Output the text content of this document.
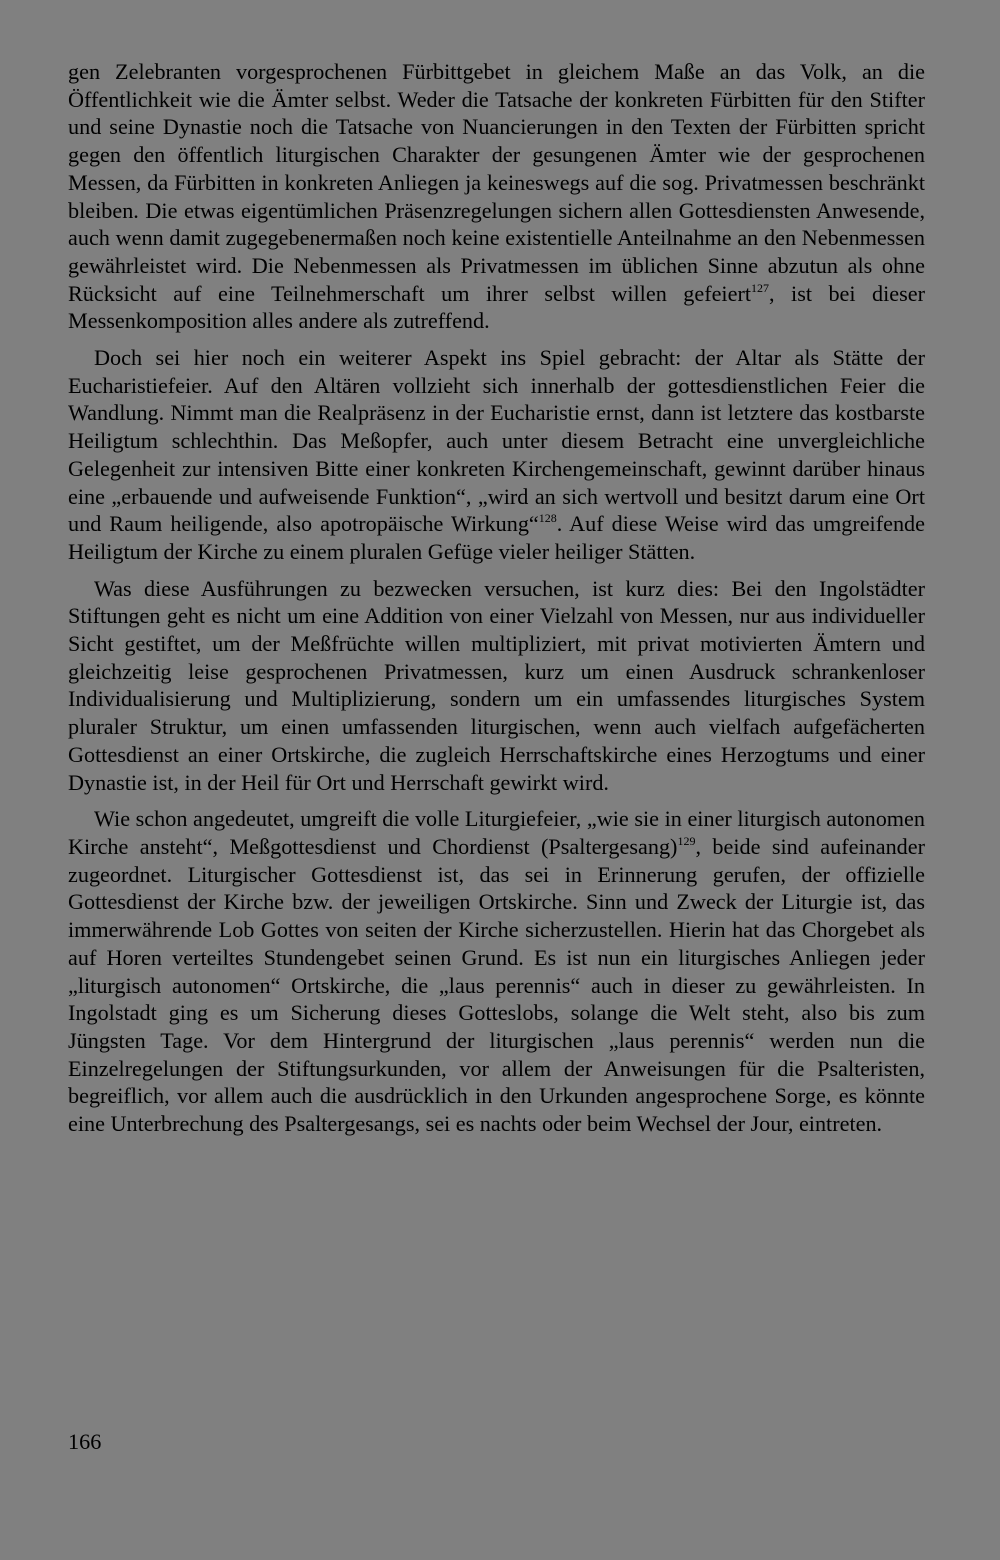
gen Zelebranten vorgesprochenen Fürbittgebet in gleichem Maße an das Volk, an die Öffentlichkeit wie die Ämter selbst. Weder die Tatsache der konkreten Fürbitten für den Stifter und seine Dynastie noch die Tatsache von Nuancierungen in den Texten der Fürbitten spricht gegen den öffentlich liturgischen Charakter der gesungenen Ämter wie der gesprochenen Messen, da Fürbitten in konkreten Anliegen ja keineswegs auf die sog. Privatmessen beschränkt bleiben. Die etwas eigentümlichen Präsenzregelungen sichern allen Gottesdiensten Anwesende, auch wenn damit zugegebenermaßen noch keine existentielle Anteilnahme an den Nebenmessen gewährleistet wird. Die Nebenmessen als Privatmessen im üblichen Sinne abzutun als ohne Rücksicht auf eine Teilnehmerschaft um ihrer selbst willen gefeiert$^{127}$, ist bei dieser Messenkomposition alles andere als zutreffend.

Doch sei hier noch ein weiterer Aspekt ins Spiel gebracht: der Altar als Stätte der Eucharistiefeier. Auf den Altären vollzieht sich innerhalb der gottesdienstlichen Feier die Wandlung. Nimmt man die Realpräsenz in der Eucharistie ernst, dann ist letztere das kostbarste Heiligtum schlechthin. Das Meßopfer, auch unter diesem Betracht eine unvergleichliche Gelegenheit zur intensiven Bitte einer konkreten Kirchengemeinschaft, gewinnt darüber hinaus eine „erbauende und aufweisende Funktion“, „wird an sich wertvoll und besitzt darum eine Ort und Raum heiligende, also apotropäische Wirkung“$^{128}$. Auf diese Weise wird das umgreifende Heiligtum der Kirche zu einem pluralen Gefüge vieler heiliger Stätten.

Was diese Ausführungen zu bezwecken versuchen, ist kurz dies: Bei den Ingolstädter Stiftungen geht es nicht um eine Addition von einer Vielzahl von Messen, nur aus individueller Sicht gestiftet, um der Meßfrüchte willen multipliziert, mit privat motivierten Ämtern und gleichzeitig leise gesprochenen Privatmessen, kurz um einen Ausdruck schrankenloser Individualisierung und Multiplizierung, sondern um ein umfassendes liturgisches System pluraler Struktur, um einen umfassenden liturgischen, wenn auch vielfach aufgefächerten Gottesdienst an einer Ortskirche, die zugleich Herrschaftskirche eines Herzogtums und einer Dynastie ist, in der Heil für Ort und Herrschaft gewirkt wird.

Wie schon angedeutet, umgreift die volle Liturgiefeier, „wie sie in einer liturgisch autonomen Kirche ansteht“, Meßgottesdienst und Chordienst (Psaltergesang)$^{129}$, beide sind aufeinander zugeordnet. Liturgischer Gottesdienst ist, das sei in Erinnerung gerufen, der offizielle Gottesdienst der Kirche bzw. der jeweiligen Ortskirche. Sinn und Zweck der Liturgie ist, das immerwährende Lob Gottes von seiten der Kirche sicherzustellen. Hierin hat das Chorgebet als auf Horen verteiltes Stundengebet seinen Grund. Es ist nun ein liturgisches Anliegen jeder „liturgisch autonomen“ Ortskirche, die „laus perennis“ auch in dieser zu gewährleisten. In Ingolstadt ging es um Sicherung dieses Gotteslobs, solange die Welt steht, also bis zum Jüngsten Tage. Vor dem Hintergrund der liturgischen „laus perennis“ werden nun die Einzelregelungen der Stiftungsurkunden, vor allem der Anweisungen für die Psalteristen, begreiflich, vor allem auch die ausdrücklich in den Urkunden angesprochene Sorge, es könnte eine Unterbrechung des Psaltergesangs, sei es nachts oder beim Wechsel der Jour, eintreten.

166
